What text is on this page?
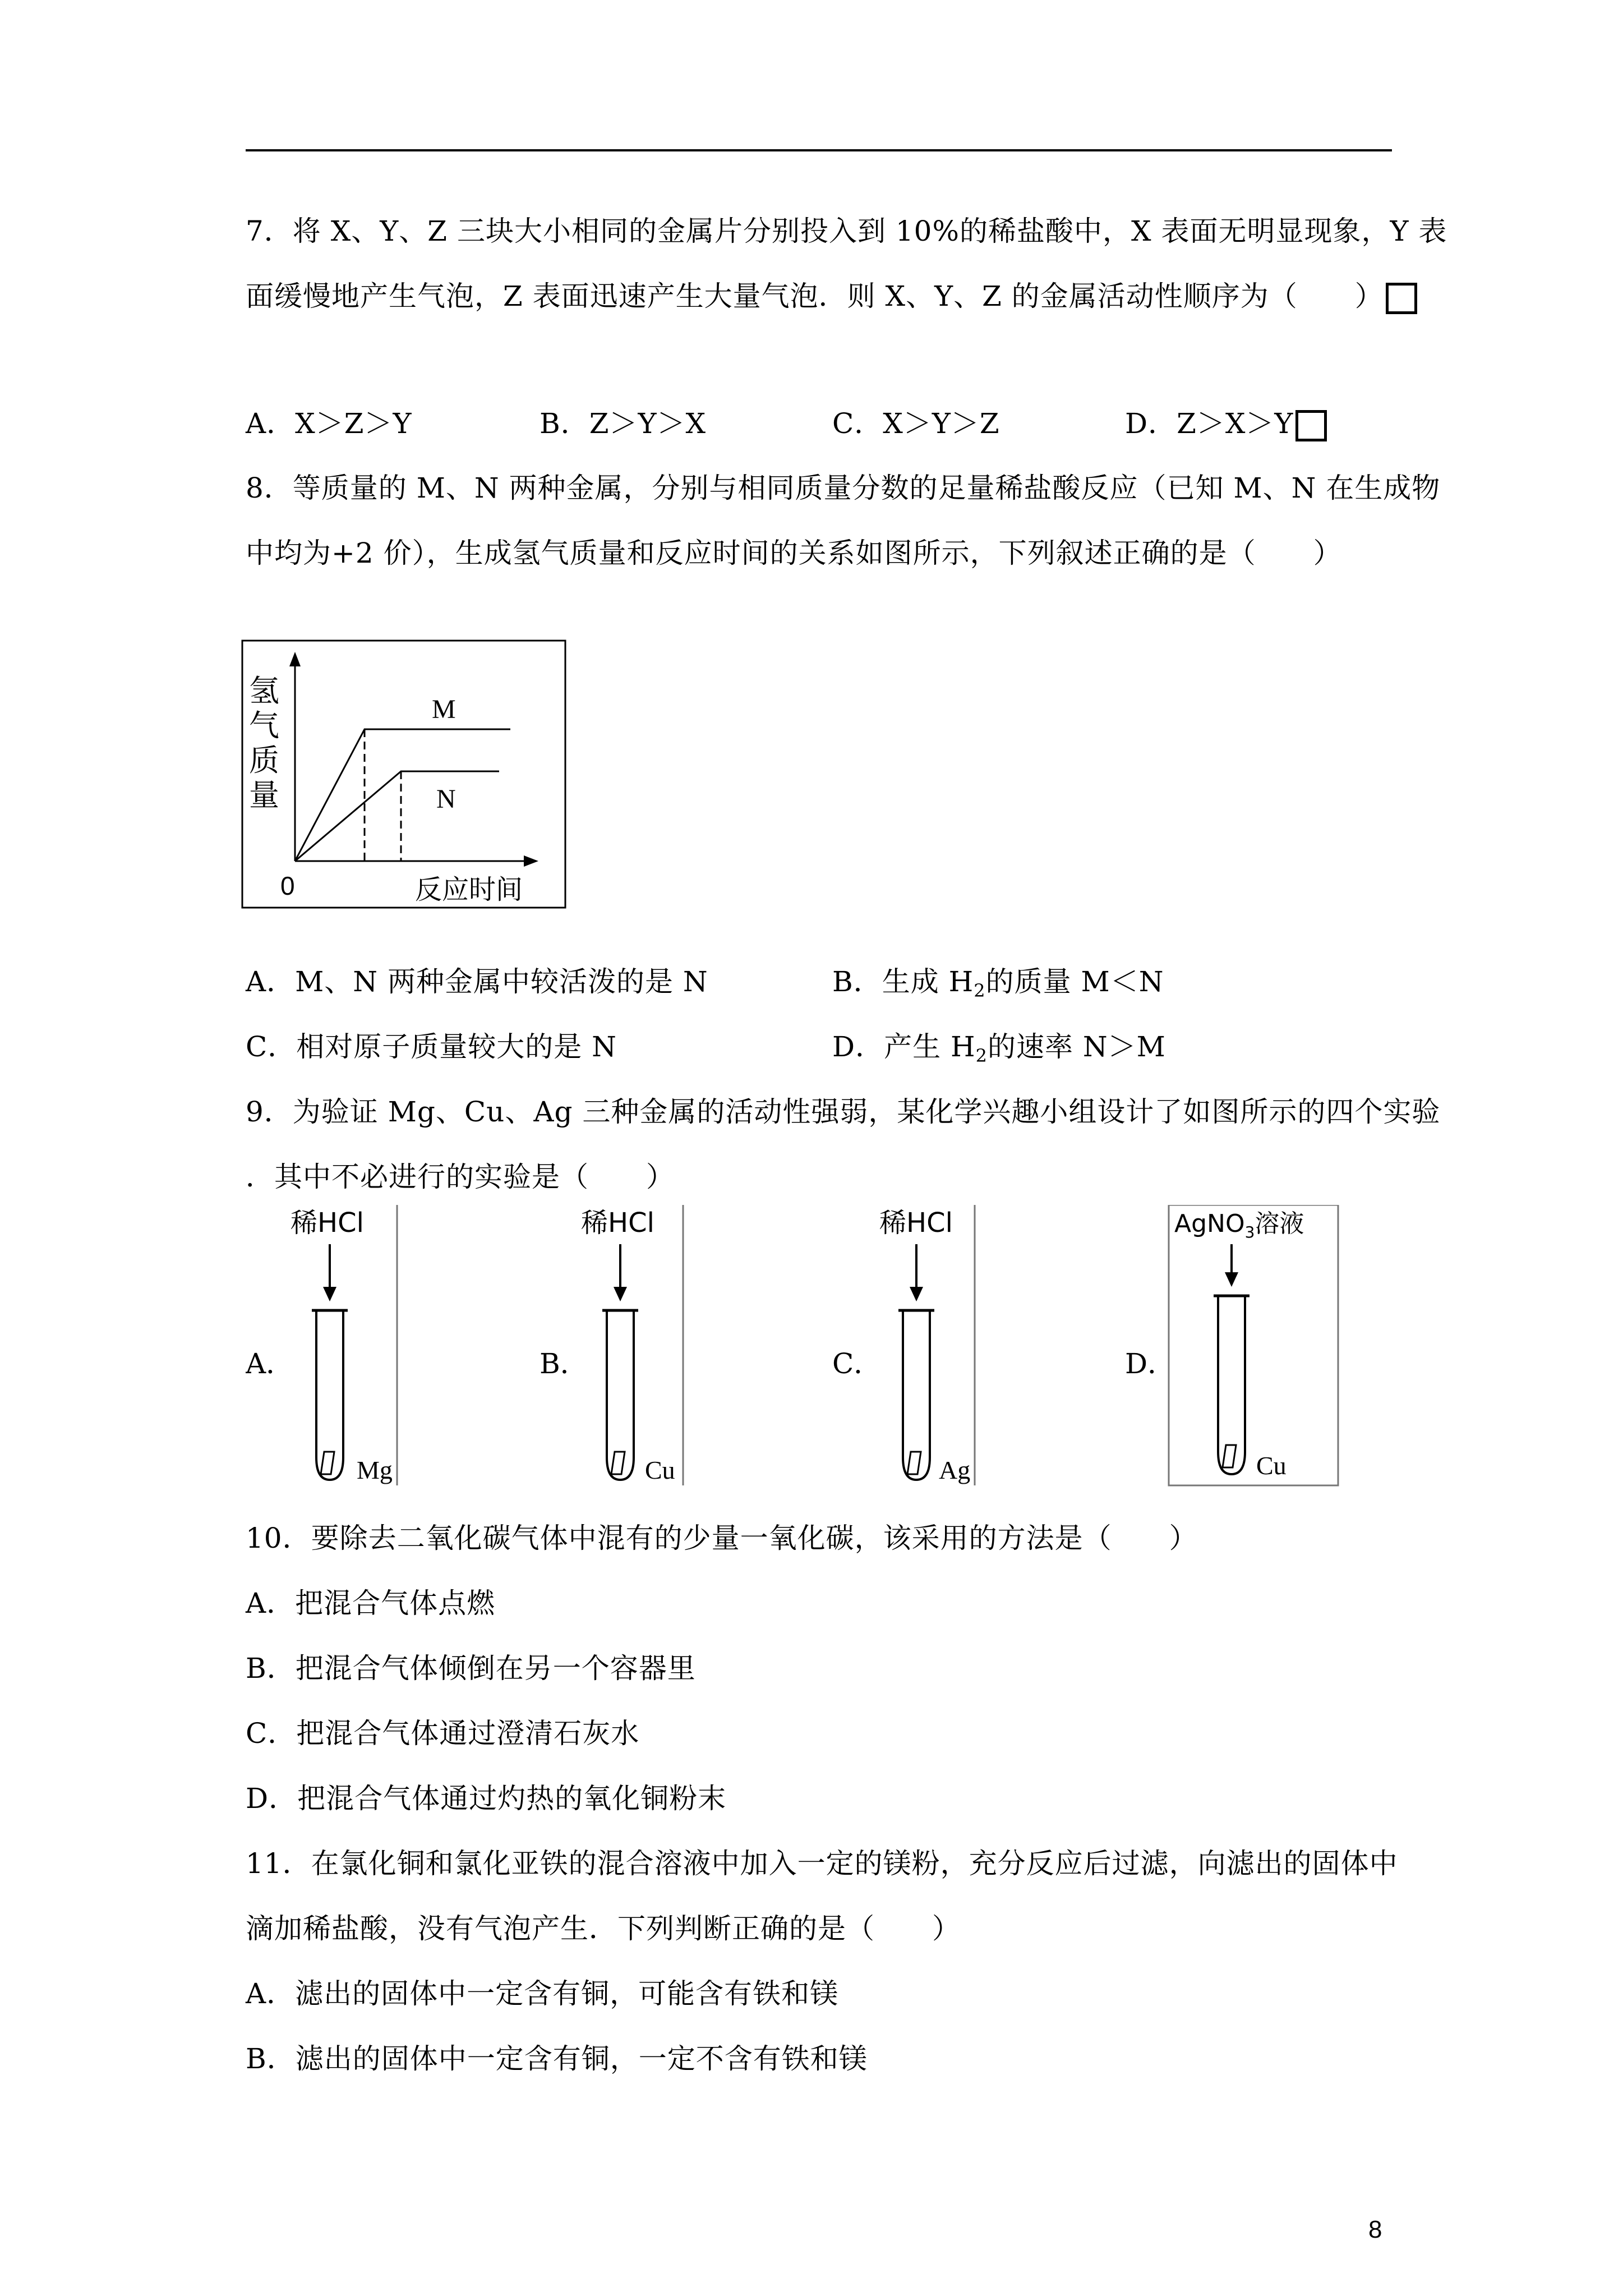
7．将 X、Y、Z 三块大小相同的金属片分别投入到 10%的稀盐酸中，X 表面无明显现象，Y 表
面缓慢地产生气泡，Z 表面迅速产生大量气泡．则 X、Y、Z 的金属活动性顺序为（　　）
A．X＞Z＞Y	B．Z＞Y＞X	C．X＞Y＞Z	D．Z＞X＞Y
8．等质量的 M、N 两种金属，分别与相同质量分数的足量稀盐酸反应（已知 M、N 在生成物
中均为+2 价），生成氢气质量和反应时间的关系如图所示，下列叙述正确的是（　　）
M
N
0	反应时间
氢
气
质
量
A．M、N 两种金属中较活泼的是 N	B．生成 $H_2$的质量 M＜N
C．相对原子质量较大的是 N	D．产生 $H_2$的速率 N＞M
9．为验证 Mg、Cu、Ag 三种金属的活动性强弱，某化学兴趣小组设计了如图所示的四个实验
．其中不必进行的实验是（　　）
A．
稀HCl
Mg
B．
稀HCl
Cu
C．
稀HCl
Ag
D．
AgNO$_3$溶液
Cu
10．要除去二氧化碳气体中混有的少量一氧化碳，该采用的方法是（　　）
A．把混合气体点燃
B．把混合气体倾倒在另一个容器里
C．把混合气体通过澄清石灰水
D．把混合气体通过灼热的氧化铜粉末
11．在氯化铜和氯化亚铁的混合溶液中加入一定的镁粉，充分反应后过滤，向滤出的固体中
滴加稀盐酸，没有气泡产生．下列判断正确的是（　　）
A．滤出的固体中一定含有铜，可能含有铁和镁
B．滤出的固体中一定含有铜，一定不含有铁和镁
8
